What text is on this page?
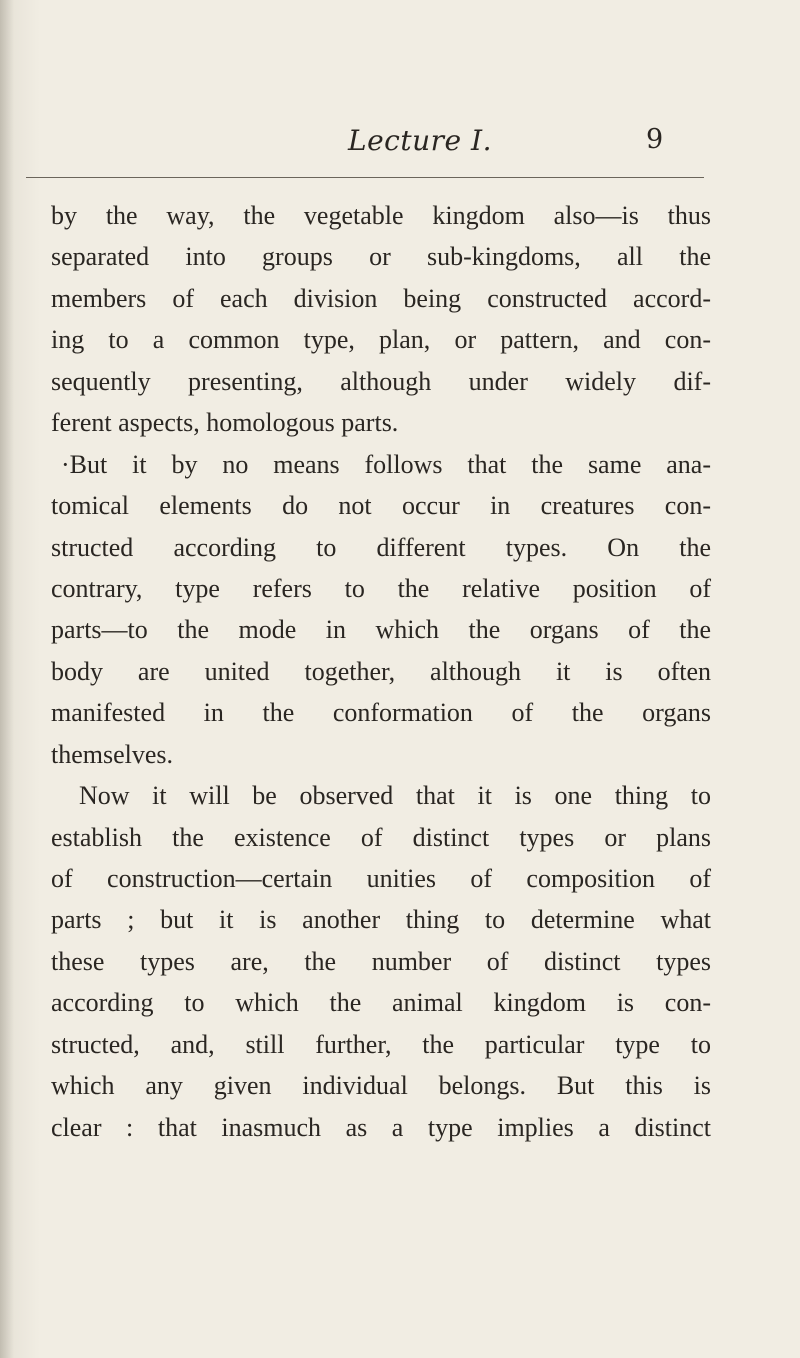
Lecture I.	9
by the way, the vegetable kingdom also—is thus
separated into groups or sub-kingdoms, all the
members of each division being constructed accord-
ing to a common type, plan, or pattern, and con-
sequently presenting, although under widely dif-
ferent aspects, homologous parts.
·But it by no means follows that the same ana-
tomical elements do not occur in creatures con-
structed according to different types. On the
contrary, type refers to the relative position of
parts—to the mode in which the organs of the
body are united together, although it is often
manifested in the conformation of the organs
themselves.
Now it will be observed that it is one thing to
establish the existence of distinct types or plans
of construction—certain unities of composition of
parts ; but it is another thing to determine what
these types are, the number of distinct types
according to which the animal kingdom is con-
structed, and, still further, the particular type to
which any given individual belongs. But this is
clear : that inasmuch as a type implies a distinct
